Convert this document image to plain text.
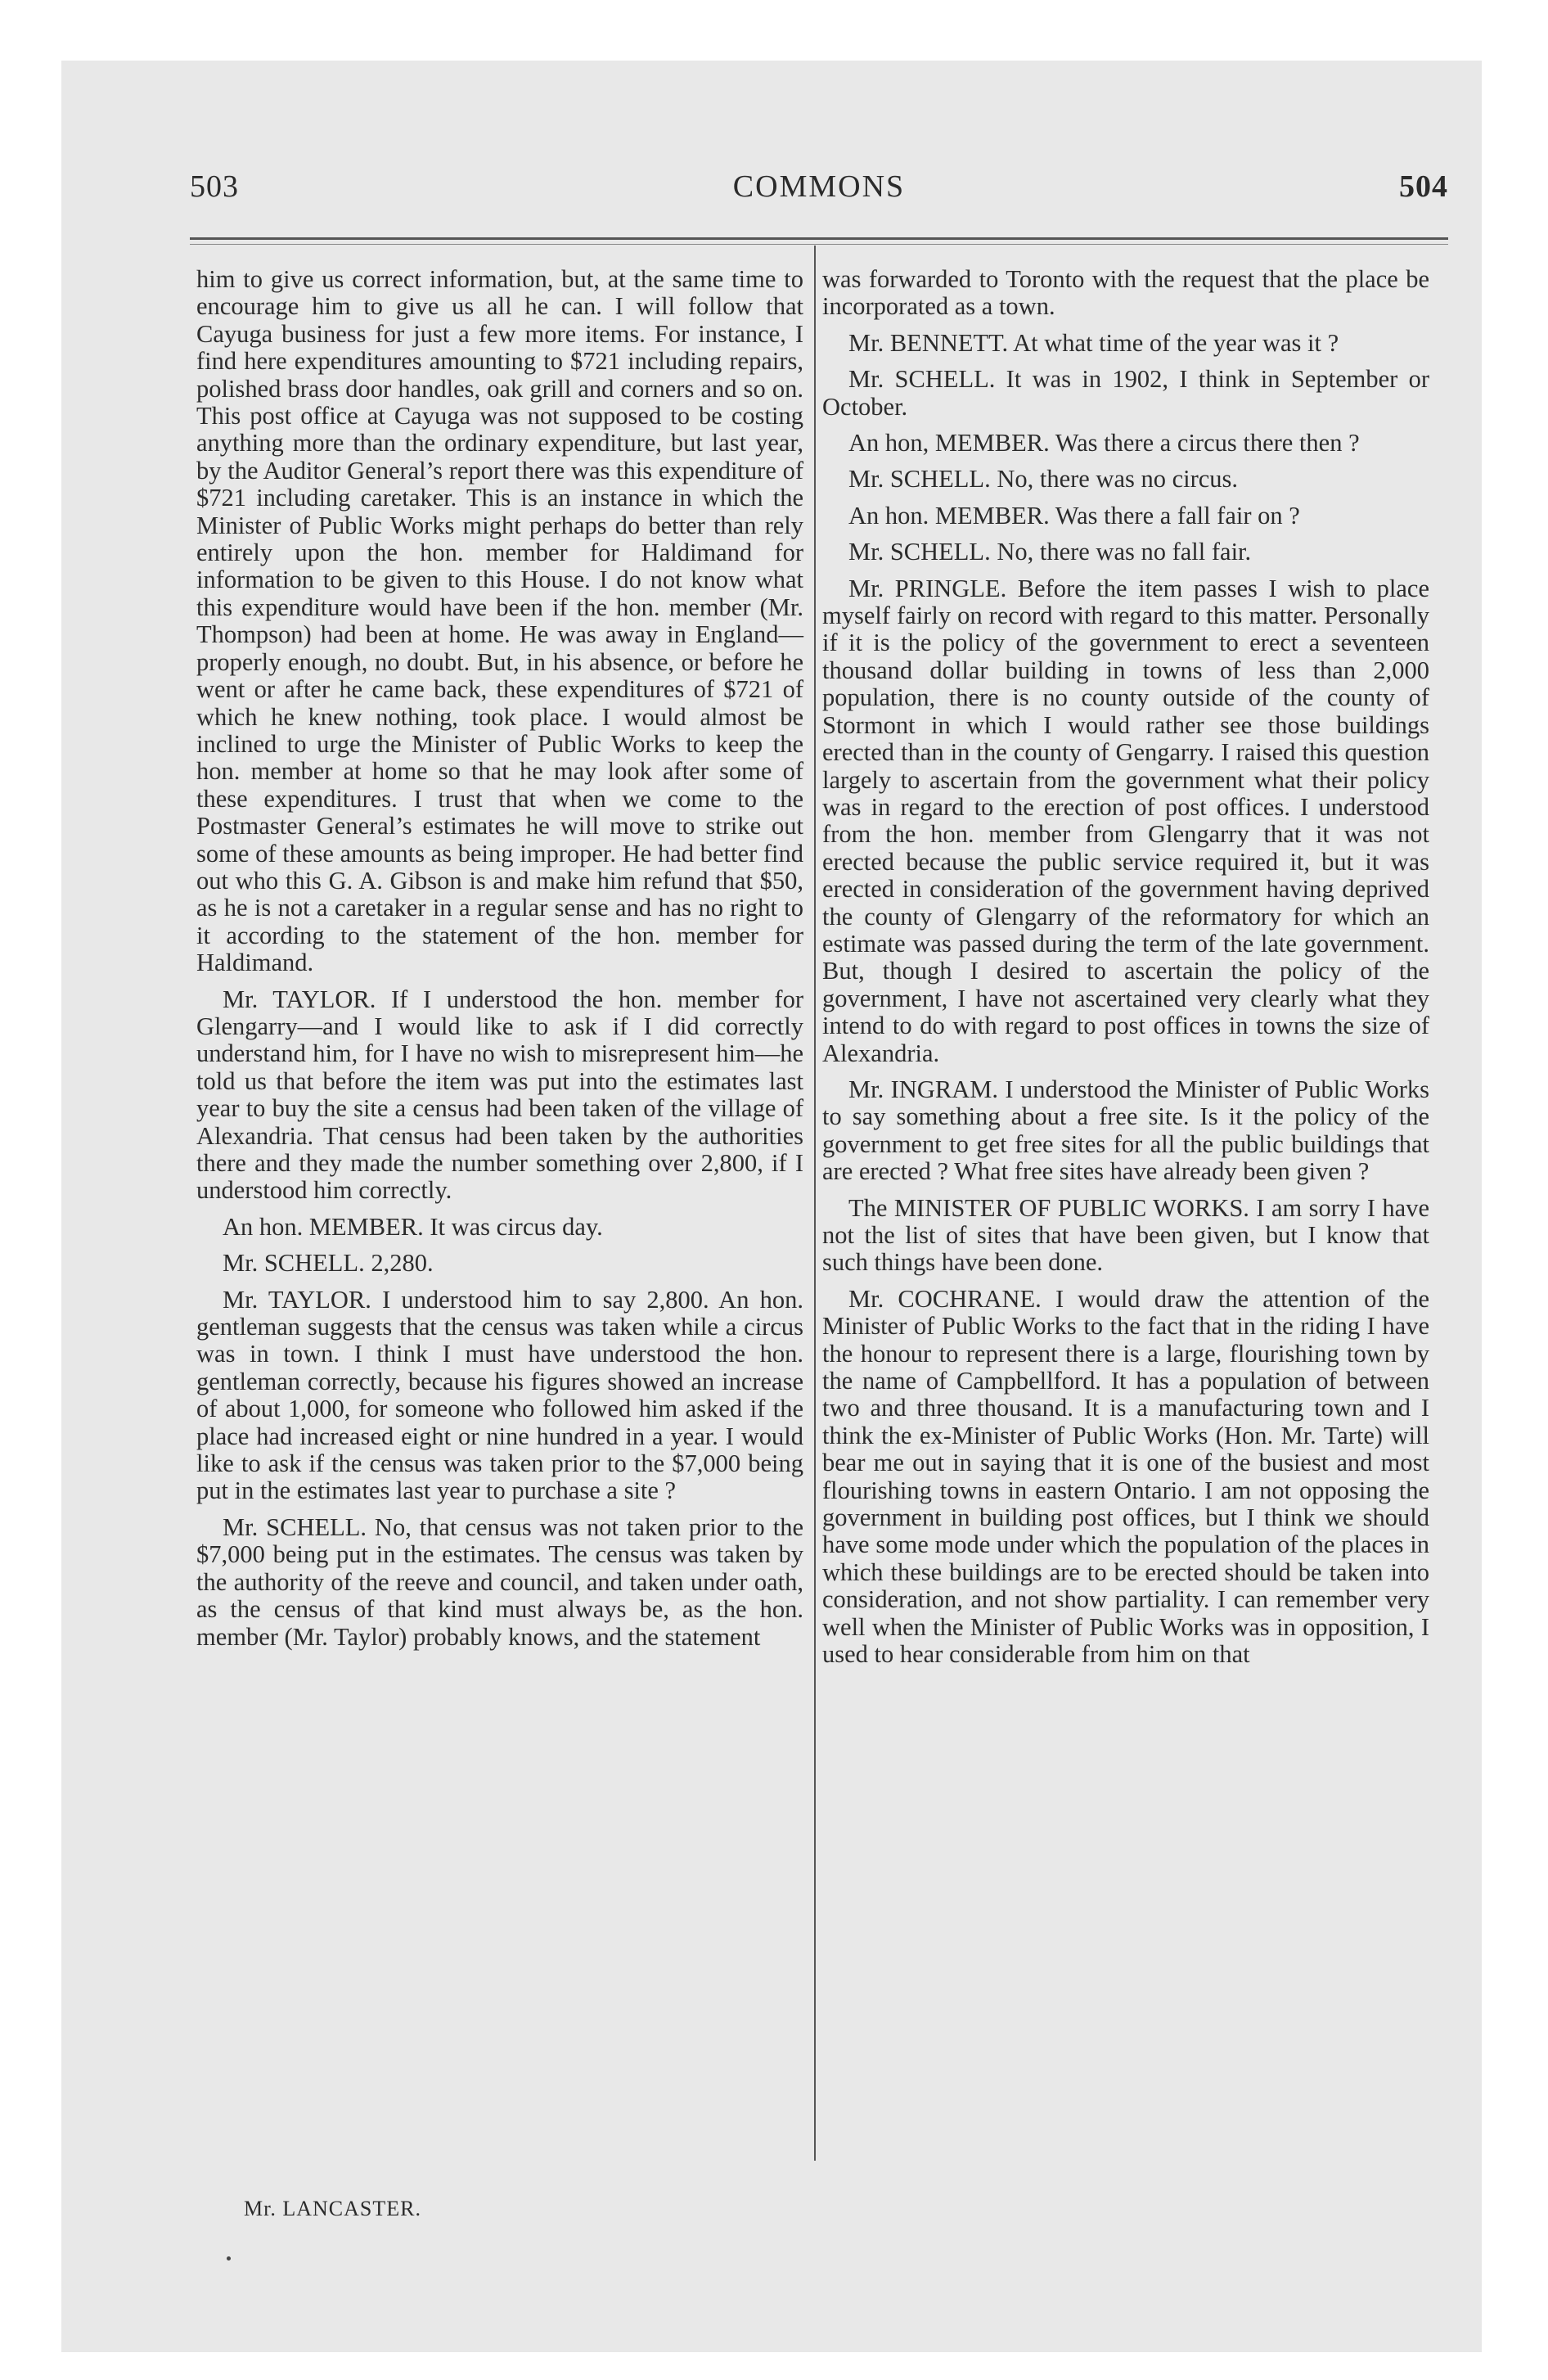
503	COMMONS	504

him to give us correct information, but, at the same time to encourage him to give us all he can. I will follow that Cayuga business for just a few more items. For instance, I find here expenditures amounting to $721 including repairs, polished brass door handles, oak grill and corners and so on. This post office at Cayuga was not supposed to be costing anything more than the ordinary expenditure, but last year, by the Auditor General’s report there was this expenditure of $721 including caretaker. This is an instance in which the Minister of Public Works might perhaps do better than rely entirely upon the hon. member for Haldimand for information to be given to this House. I do not know what this expenditure would have been if the hon. member (Mr. Thompson) had been at home. He was away in England—properly enough, no doubt. But, in his absence, or before he went or after he came back, these expenditures of $721 of which he knew nothing, took place. I would almost be inclined to urge the Minister of Public Works to keep the hon. member at home so that he may look after some of these expenditures. I trust that when we come to the Postmaster General’s estimates he will move to strike out some of these amounts as being improper. He had better find out who this G. A. Gibson is and make him refund that $50, as he is not a caretaker in a regular sense and has no right to it according to the statement of the hon. member for Haldimand.

Mr. TAYLOR. If I understood the hon. member for Glengarry—and I would like to ask if I did correctly understand him, for I have no wish to misrepresent him—he told us that before the item was put into the estimates last year to buy the site a census had been taken of the village of Alexandria. That census had been taken by the authorities there and they made the number something over 2,800, if I understood him correctly.

An hon. MEMBER. It was circus day.

Mr. SCHELL. 2,280.

Mr. TAYLOR. I understood him to say 2,800. An hon. gentleman suggests that the census was taken while a circus was in town. I think I must have understood the hon. gentleman correctly, because his figures showed an increase of about 1,000, for someone who followed him asked if the place had increased eight or nine hundred in a year. I would like to ask if the census was taken prior to the $7,000 being put in the estimates last year to purchase a site ?

Mr. SCHELL. No, that census was not taken prior to the $7,000 being put in the estimates. The census was taken by the authority of the reeve and council, and taken under oath, as the census of that kind must always be, as the hon. member (Mr. Taylor) probably knows, and the statement

was forwarded to Toronto with the request that the place be incorporated as a town.

Mr. BENNETT. At what time of the year was it ?

Mr. SCHELL. It was in 1902, I think in September or October.

An hon, MEMBER. Was there a circus there then ?

Mr. SCHELL. No, there was no circus.

An hon. MEMBER. Was there a fall fair on ?

Mr. SCHELL. No, there was no fall fair.

Mr. PRINGLE. Before the item passes I wish to place myself fairly on record with regard to this matter. Personally if it is the policy of the government to erect a seventeen thousand dollar building in towns of less than 2,000 population, there is no county outside of the county of Stormont in which I would rather see those buildings erected than in the county of Gengarry. I raised this question largely to ascertain from the government what their policy was in regard to the erection of post offices. I understood from the hon. member from Glengarry that it was not erected because the public service required it, but it was erected in consideration of the government having deprived the county of Glengarry of the reformatory for which an estimate was passed during the term of the late government. But, though I desired to ascertain the policy of the government, I have not ascertained very clearly what they intend to do with regard to post offices in towns the size of Alexandria.

Mr. INGRAM. I understood the Minister of Public Works to say something about a free site. Is it the policy of the government to get free sites for all the public buildings that are erected ? What free sites have already been given ?

The MINISTER OF PUBLIC WORKS. I am sorry I have not the list of sites that have been given, but I know that such things have been done.

Mr. COCHRANE. I would draw the attention of the Minister of Public Works to the fact that in the riding I have the honour to represent there is a large, flourishing town by the name of Campbellford. It has a population of between two and three thousand. It is a manufacturing town and I think the ex-Minister of Public Works (Hon. Mr. Tarte) will bear me out in saying that it is one of the busiest and most flourishing towns in eastern Ontario. I am not opposing the government in building post offices, but I think we should have some mode under which the population of the places in which these buildings are to be erected should be taken into consideration, and not show partiality. I can remember very well when the Minister of Public Works was in opposition, I used to hear considerable from him on that

Mr. LANCASTER.
